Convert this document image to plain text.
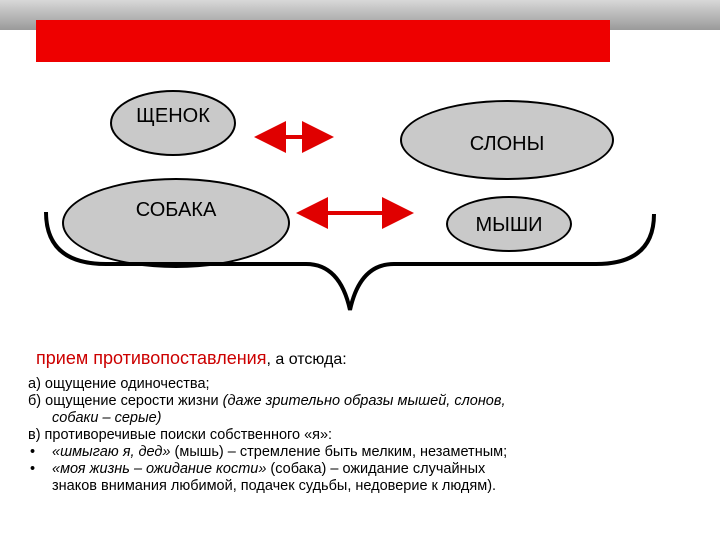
ЩЕНОК
СЛОНЫ
СОБАКА
МЫШИ
прием противопоставления, а отсюда:
а) ощущение одиночества;
б) ощущение серости жизни (даже зрительно образы мышей, слонов,
собаки – серые)
в) противоречивые поиски собственного «я»:
• «шмыгаю я, дед» (мышь) – стремление быть мелким, незаметным;
• «моя жизнь – ожидание кости» (собака) – ожидание случайных
знаков внимания любимой, подачек судьбы, недоверие к людям).
